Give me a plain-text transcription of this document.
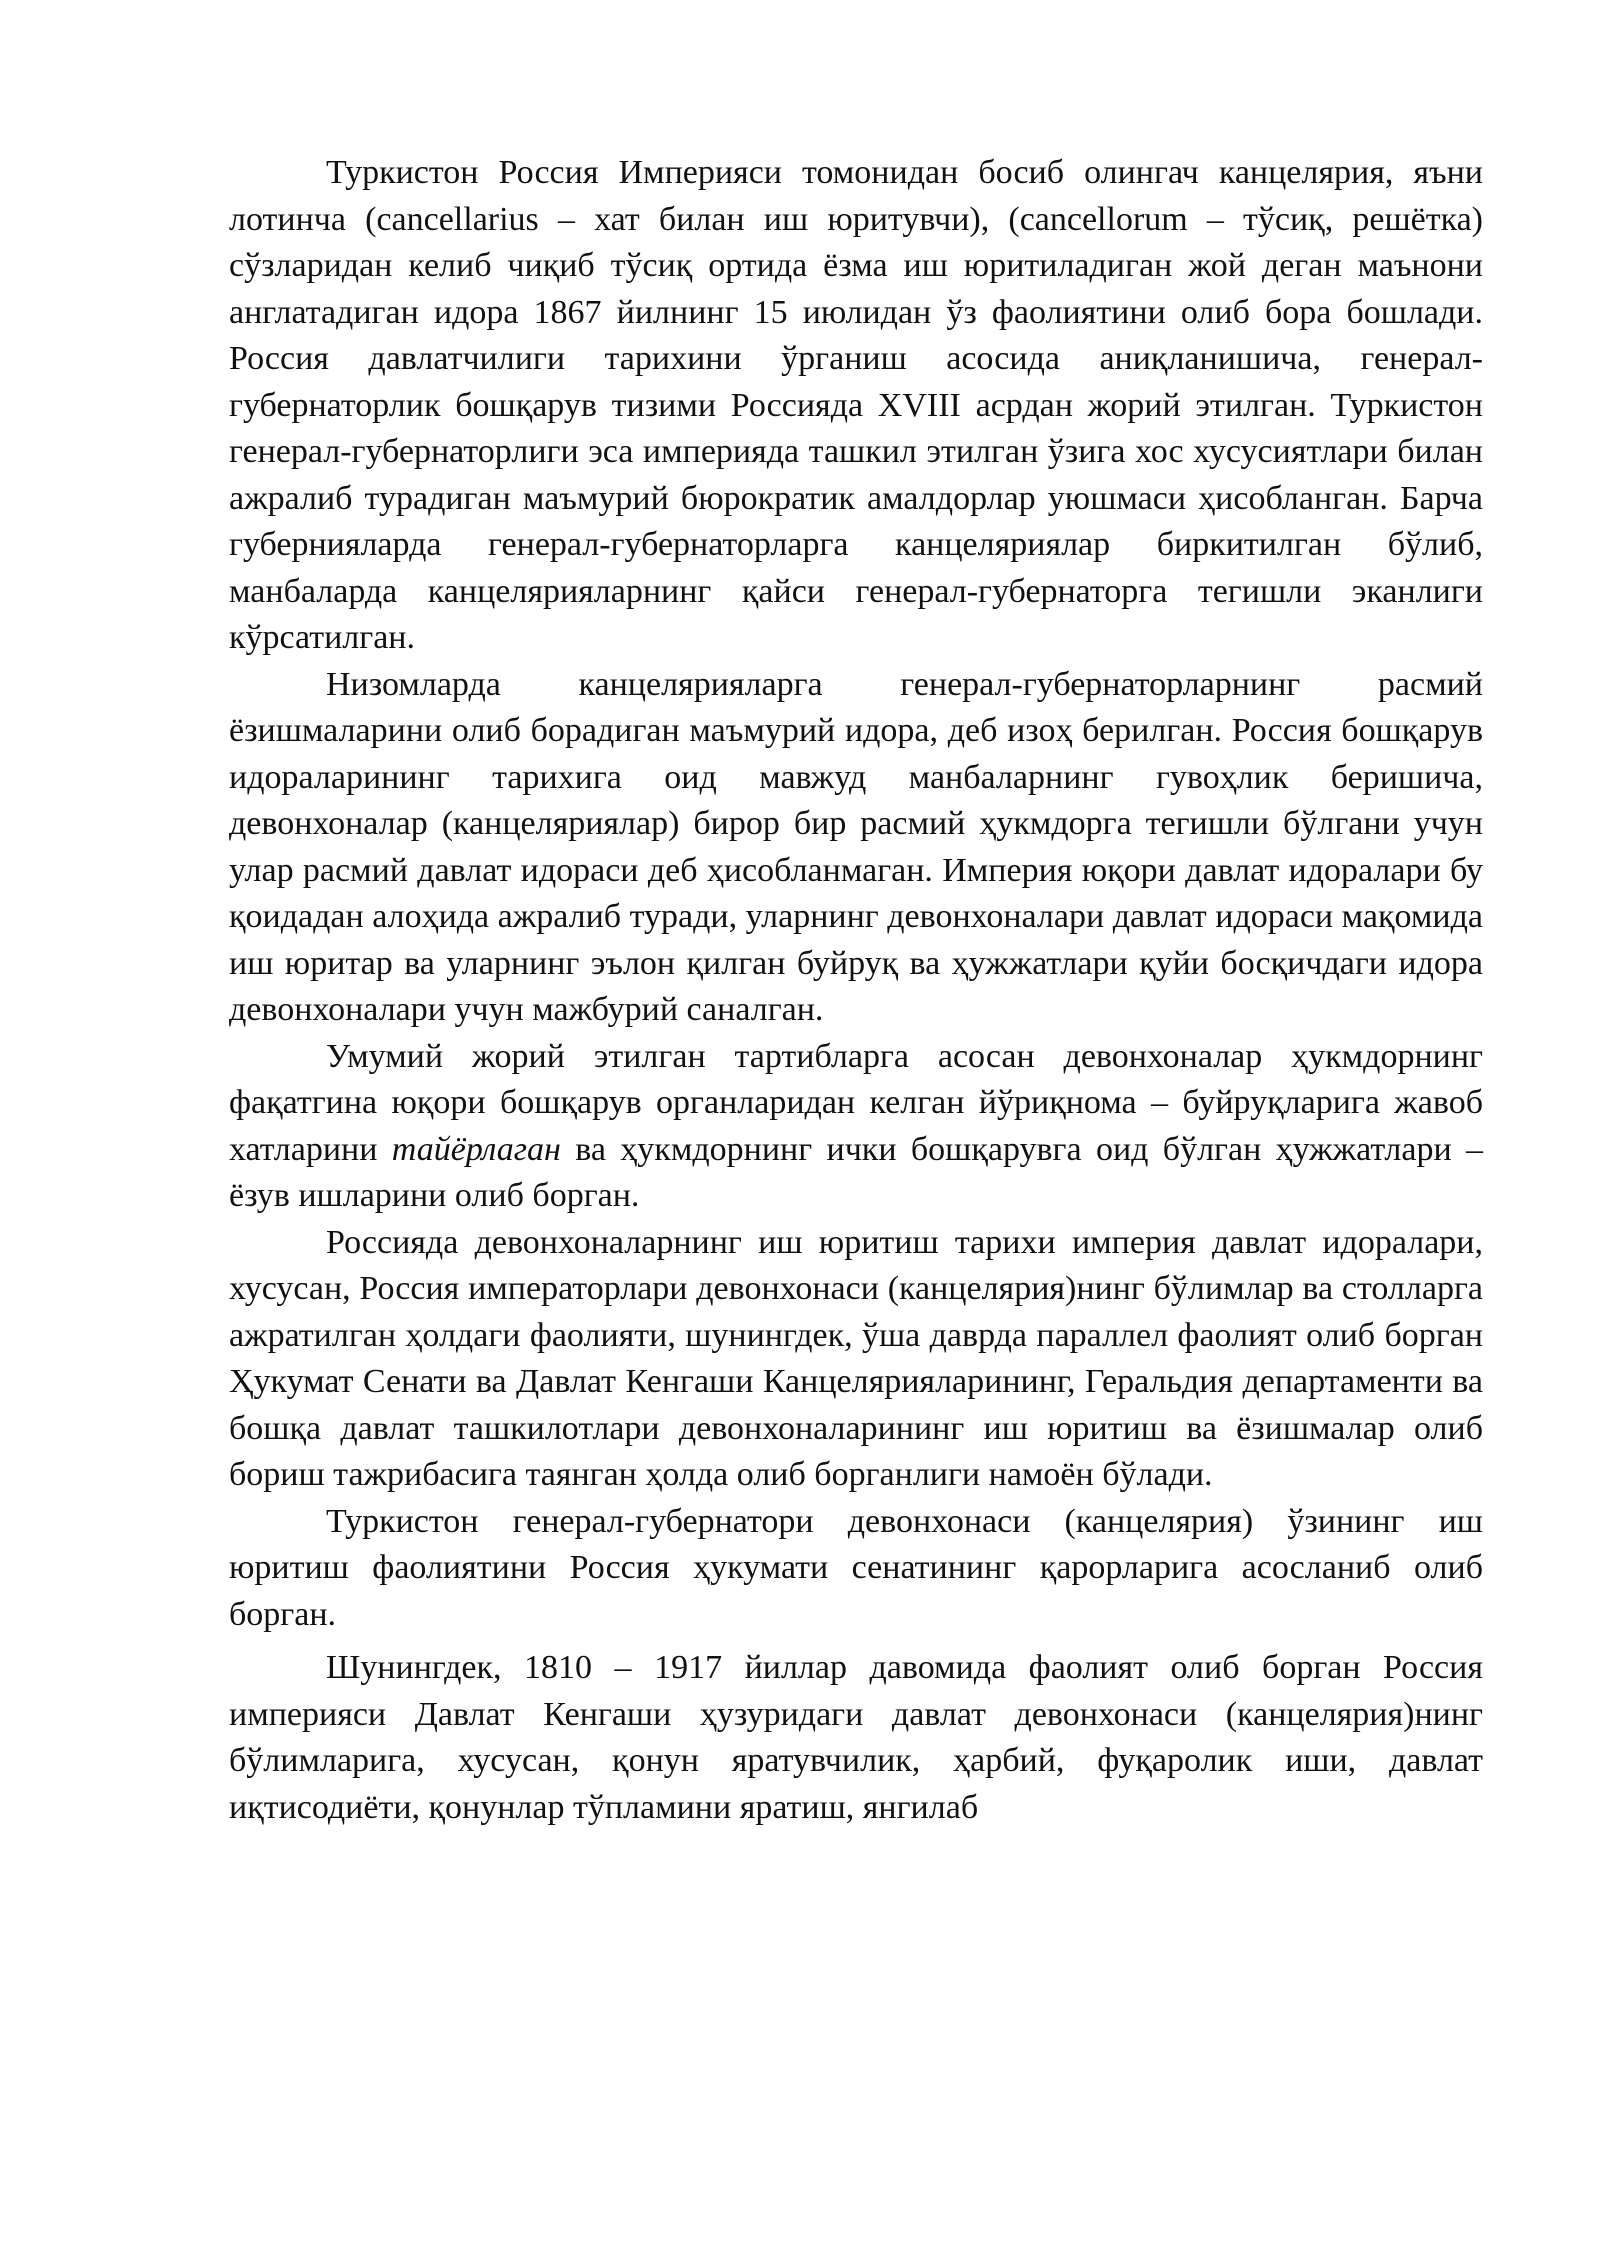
Туркистон Россия Империяси томонидан босиб олингач канцелярия, яъни лотинча (cancellarius – хат билан иш юритувчи), (cancellorum – тўсиқ, решётка) сўзларидан келиб чиқиб тўсиқ ортида ёзма иш юритиладиган жой деган маънони англатадиган идора 1867 йилнинг 15 июлидан ўз фаолиятини олиб бора бошлади. Россия давлатчилиги тарихини ўрганиш асосида аниқланишича, генерал-губернаторлик бошқарув тизими Россияда XVIII асрдан жорий этилган. Туркистон генерал-губернаторлиги эса империяда ташкил этилган ўзига хос хусусиятлари билан ажралиб турадиган маъмурий бюрократик амалдорлар уюшмаси ҳисобланган. Барча губернияларда генерал-губернаторларга канцеляриялар биркитилган бўлиб, манбаларда канцелярияларнинг қайси генерал-губернаторга тегишли эканлиги кўрсатилган.

Низомларда канцелярияларга генерал-губернаторларнинг расмий ёзишмаларини олиб борадиган маъмурий идора, деб изоҳ берилган. Россия бошқарув идораларининг тарихига оид мавжуд манбаларнинг гувоҳлик беришича, девонхоналар (канцеляриялар) бирор бир расмий ҳукмдорга тегишли бўлгани учун улар расмий давлат идораси деб ҳисобланмаган. Империя юқори давлат идоралари бу қоидадан алоҳида ажралиб туради, уларнинг девонхоналари давлат идораси мақомида иш юритар ва уларнинг эълон қилган буйруқ ва ҳужжатлари қуйи босқичдаги идора девонхоналари учун мажбурий саналган.

Умумий жорий этилган тартибларга асосан девонхоналар ҳукмдорнинг фақатгина юқори бошқарув органларидан келган йўриқнома – буйруқларига жавоб хатларини тайёрлаган ва ҳукмдорнинг ички бошқарувга оид бўлган ҳужжатлари – ёзув ишларини олиб борган.

Россияда девонхоналарнинг иш юритиш тарихи империя давлат идоралари, хусусан, Россия императорлари девонхонаси (канцелярия)нинг бўлимлар ва столларга ажратилган ҳолдаги фаолияти, шунингдек, ўша даврда параллел фаолият олиб борган Ҳукумат Сенати ва Давлат Кенгаши Канцелярияларининг, Геральдия департаменти ва бошқа давлат ташкилотлари девонхоналарининг иш юритиш ва ёзишмалар олиб бориш тажрибасига таянган ҳолда олиб борганлиги намоён бўлади.

Туркистон генерал-губернатори девонхонаси (канцелярия) ўзининг иш юритиш фаолиятини Россия ҳукумати сенатининг қарорларига асосланиб олиб борган.

Шунингдек, 1810 – 1917 йиллар давомида фаолият олиб борган Россия империяси Давлат Кенгаши ҳузуридаги давлат девонхонаси (канцелярия)нинг бўлимларига, хусусан, қонун яратувчилик, ҳарбий, фуқаролик иши, давлат иқтисодиёти, қонунлар тўпламини яратиш, янгилаб
